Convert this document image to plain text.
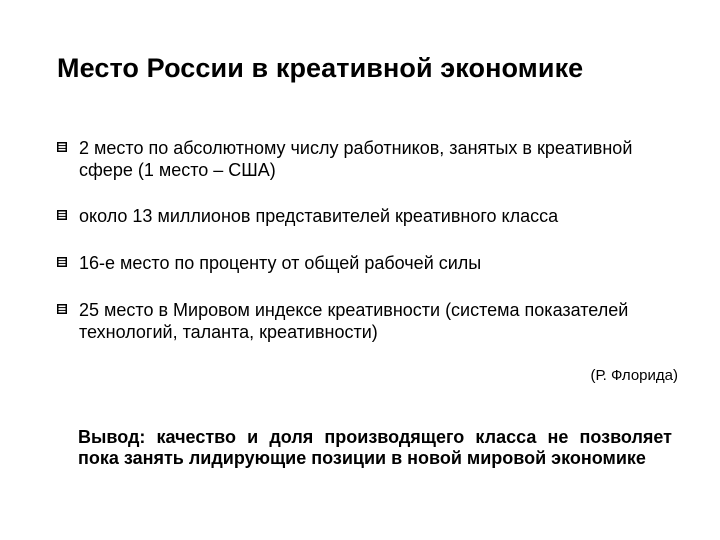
Место России в креативной экономике
2 место по абсолютному числу работников, занятых в креативной сфере (1 место – США)
около 13 миллионов представителей креативного класса
16-е место по проценту от общей рабочей силы
25 место в Мировом индексе креативности (система показателей технологий, таланта, креативности)
(Р. Флорида)
Вывод: качество и доля производящего класса не позволяет пока занять лидирующие позиции в новой мировой экономике
